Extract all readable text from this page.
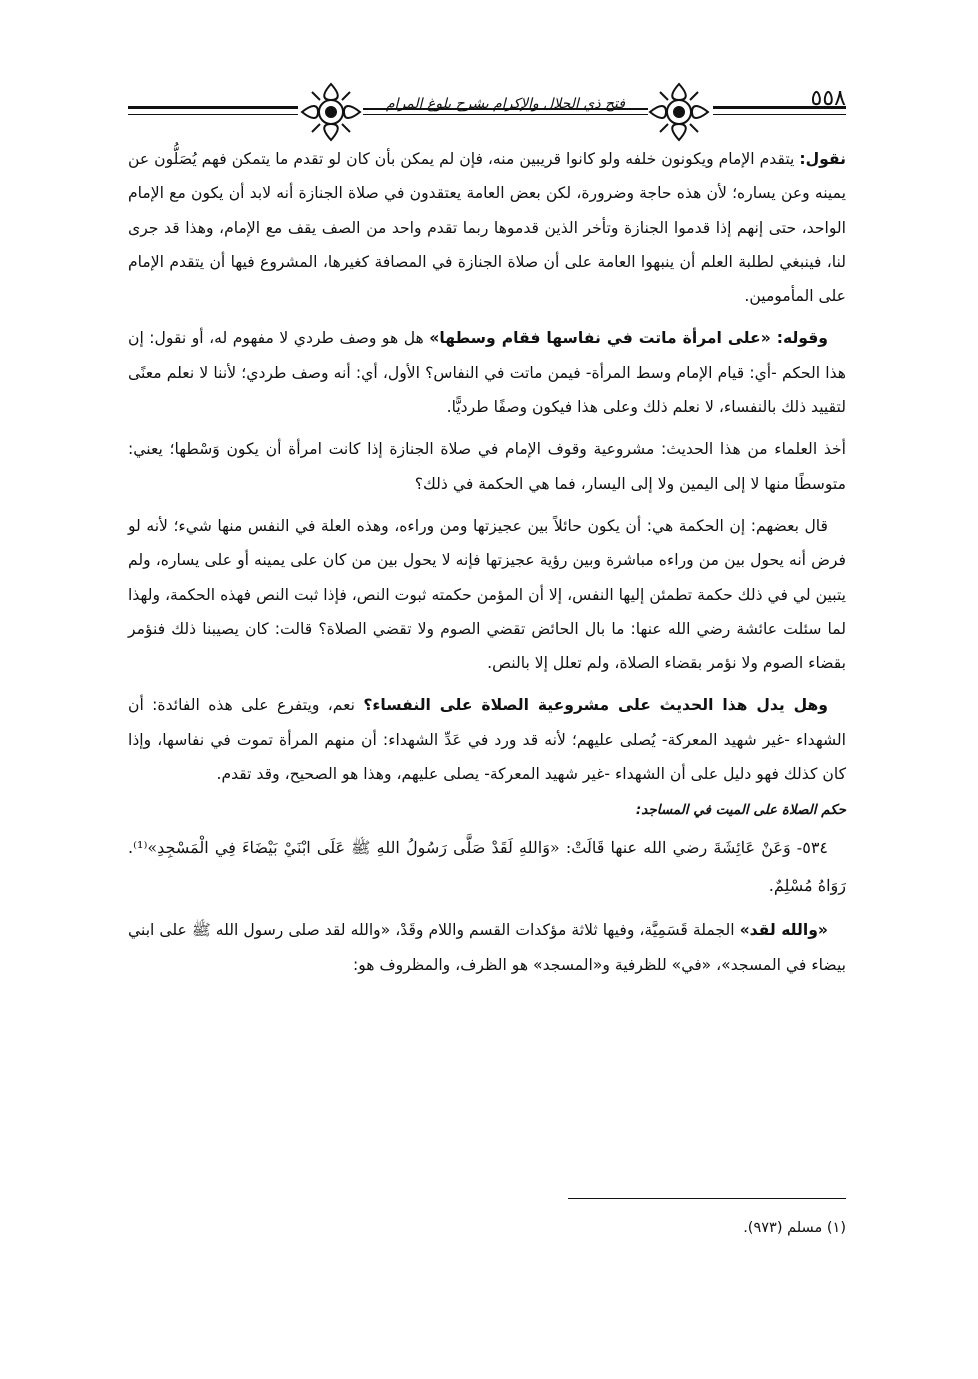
فتح ذي الجلال والإكرام بشرح بلوغ المرام	٥٥٨

نقول: يتقدم الإمام ويكونون خلفه ولو كانوا قريبين منه، فإن لم يمكن بأن كان لو تقدم ما يتمكن فهم يُصَلُّون عن يمينه وعن يساره؛ لأن هذه حاجة وضرورة، لكن بعض العامة يعتقدون في صلاة الجنازة أنه لابد أن يكون مع الإمام الواحد، حتى إنهم إذا قدموا الجنازة وتأخر الذين قدموها ربما تقدم واحد من الصف يقف مع الإمام، وهذا قد جرى لنا، فينبغي لطلبة العلم أن ينبهوا العامة على أن صلاة الجنازة في المصافة كغيرها، المشروع فيها أن يتقدم الإمام على المأمومين.

وقوله: «على امرأة ماتت في نفاسها فقام وسطها» هل هو وصف طردي لا مفهوم له، أو نقول: إن هذا الحكم -أي: قيام الإمام وسط المرأة- فيمن ماتت في النفاس؟ الأول، أي: أنه وصف طردي؛ لأننا لا نعلم معنًى لتقييد ذلك بالنفساء، لا نعلم ذلك وعلى هذا فيكون وصفًا طرديًّا.

أخذ العلماء من هذا الحديث: مشروعية وقوف الإمام في صلاة الجنازة إذا كانت امرأة أن يكون وَسْطها؛ يعني: متوسطًا منها لا إلى اليمين ولا إلى اليسار، فما هي الحكمة في ذلك؟

قال بعضهم: إن الحكمة هي: أن يكون حائلاً بين عجيزتها ومن وراءه، وهذه العلة في النفس منها شيء؛ لأنه لو فرض أنه يحول بين من وراءه مباشرة وبين رؤية عجيزتها فإنه لا يحول بين من كان على يمينه أو على يساره، ولم يتبين لي في ذلك حكمة تطمئن إليها النفس، إلا أن المؤمن حكمته ثبوت النص، فإذا ثبت النص فهذه الحكمة، ولهذا لما سئلت عائشة رضي الله عنها: ما بال الحائض تقضي الصوم ولا تقضي الصلاة؟ قالت: كان يصيبنا ذلك فنؤمر بقضاء الصوم ولا نؤمر بقضاء الصلاة، ولم تعلل إلا بالنص.

وهل يدل هذا الحديث على مشروعية الصلاة على النفساء؟ نعم، ويتفرع على هذه الفائدة: أن الشهداء -غير شهيد المعركة- يُصلى عليهم؛ لأنه قد ورد في عَدِّ الشهداء: أن منهم المرأة تموت في نفاسها، وإذا كان كذلك فهو دليل على أن الشهداء -غير شهيد المعركة- يصلى عليهم، وهذا هو الصحيح، وقد تقدم.

حكم الصلاة على الميت في المساجد:

٥٣٤- وَعَنْ عَائِشَةَ رضي الله عنها قَالَتْ: «وَاللهِ لَقَدْ صَلَّى رَسُولُ اللهِ ﷺ عَلَى ابْنَيْ بَيْضَاءَ فِي الْمَسْجِدِ»⁽¹⁾. رَوَاهُ مُسْلِمٌ.

«والله لقد» الجملة قَسَمِيَّة، وفيها ثلاثة مؤكدات القسم واللام وقَدْ، «والله لقد صلى رسول الله ﷺ على ابني بيضاء في المسجد»، «في» للظرفية و«المسجد» هو الظرف، والمظروف هو:

(١) مسلم (٩٧٣).
